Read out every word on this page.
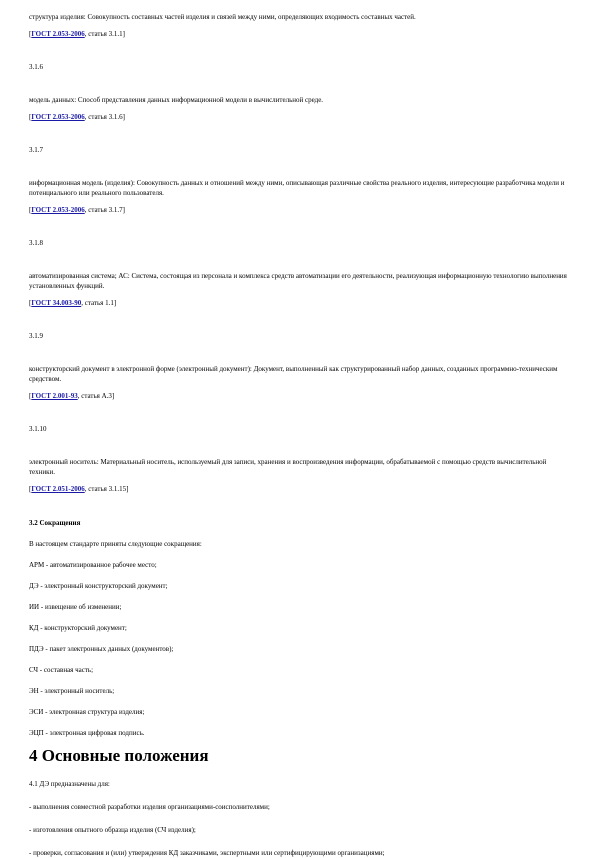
структура изделия: Совокупность составных частей изделия и связей между ними, определяющих входимость составных частей.

[ГОСТ 2.053-2006, статья 3.1.1]

3.1.6

модель данных: Способ представления данных информационной модели в вычислительной среде.

[ГОСТ 2.053-2006, статья 3.1.6]

3.1.7

информационная модель (изделия): Совокупность данных и отношений между ними, описывающая различные свойства реального изделия, интересующие разработчика модели и потенциального или реального пользователя.

[ГОСТ 2.053-2006, статья 3.1.7]

3.1.8

автоматизированная система; АС: Система, состоящая из персонала и комплекса средств автоматизации его деятельности, реализующая информационную технологию выполнения установленных функций.

[ГОСТ 34.003-90, статья 1.1]

3.1.9

конструкторский документ в электронной форме (электронный документ): Документ, выполненный как структурированный набор данных, созданных программно-техническим средством.

[ГОСТ 2.001-93, статья А.3]

3.1.10

электронный носитель: Материальный носитель, используемый для записи, хранения и воспроизведения информации, обрабатываемой с помощью средств вычислительной техники.

[ГОСТ 2.051-2006, статья 3.1.15]

3.2 Сокращения

В настоящем стандарте приняты следующие сокращения:

АРМ - автоматизированное рабочее место;

ДЭ - электронный конструкторский документ;

ИИ - извещение об изменении;

КД - конструкторский документ;

ПДЭ - пакет электронных данных (документов);

СЧ - составная часть;

ЭН - электронный носитель;

ЭСИ - электронная структура изделия;

ЭЦП - электронная цифровая подпись.

4 Основные положения

4.1 ДЭ предназначены для:

- выполнения совместной разработки изделия организациями-соисполнителями;

- изготовления опытного образца изделия (СЧ изделия);

- проверки, согласования и (или) утверждения КД заказчиками, экспертными или сертифицирующими организациями;
